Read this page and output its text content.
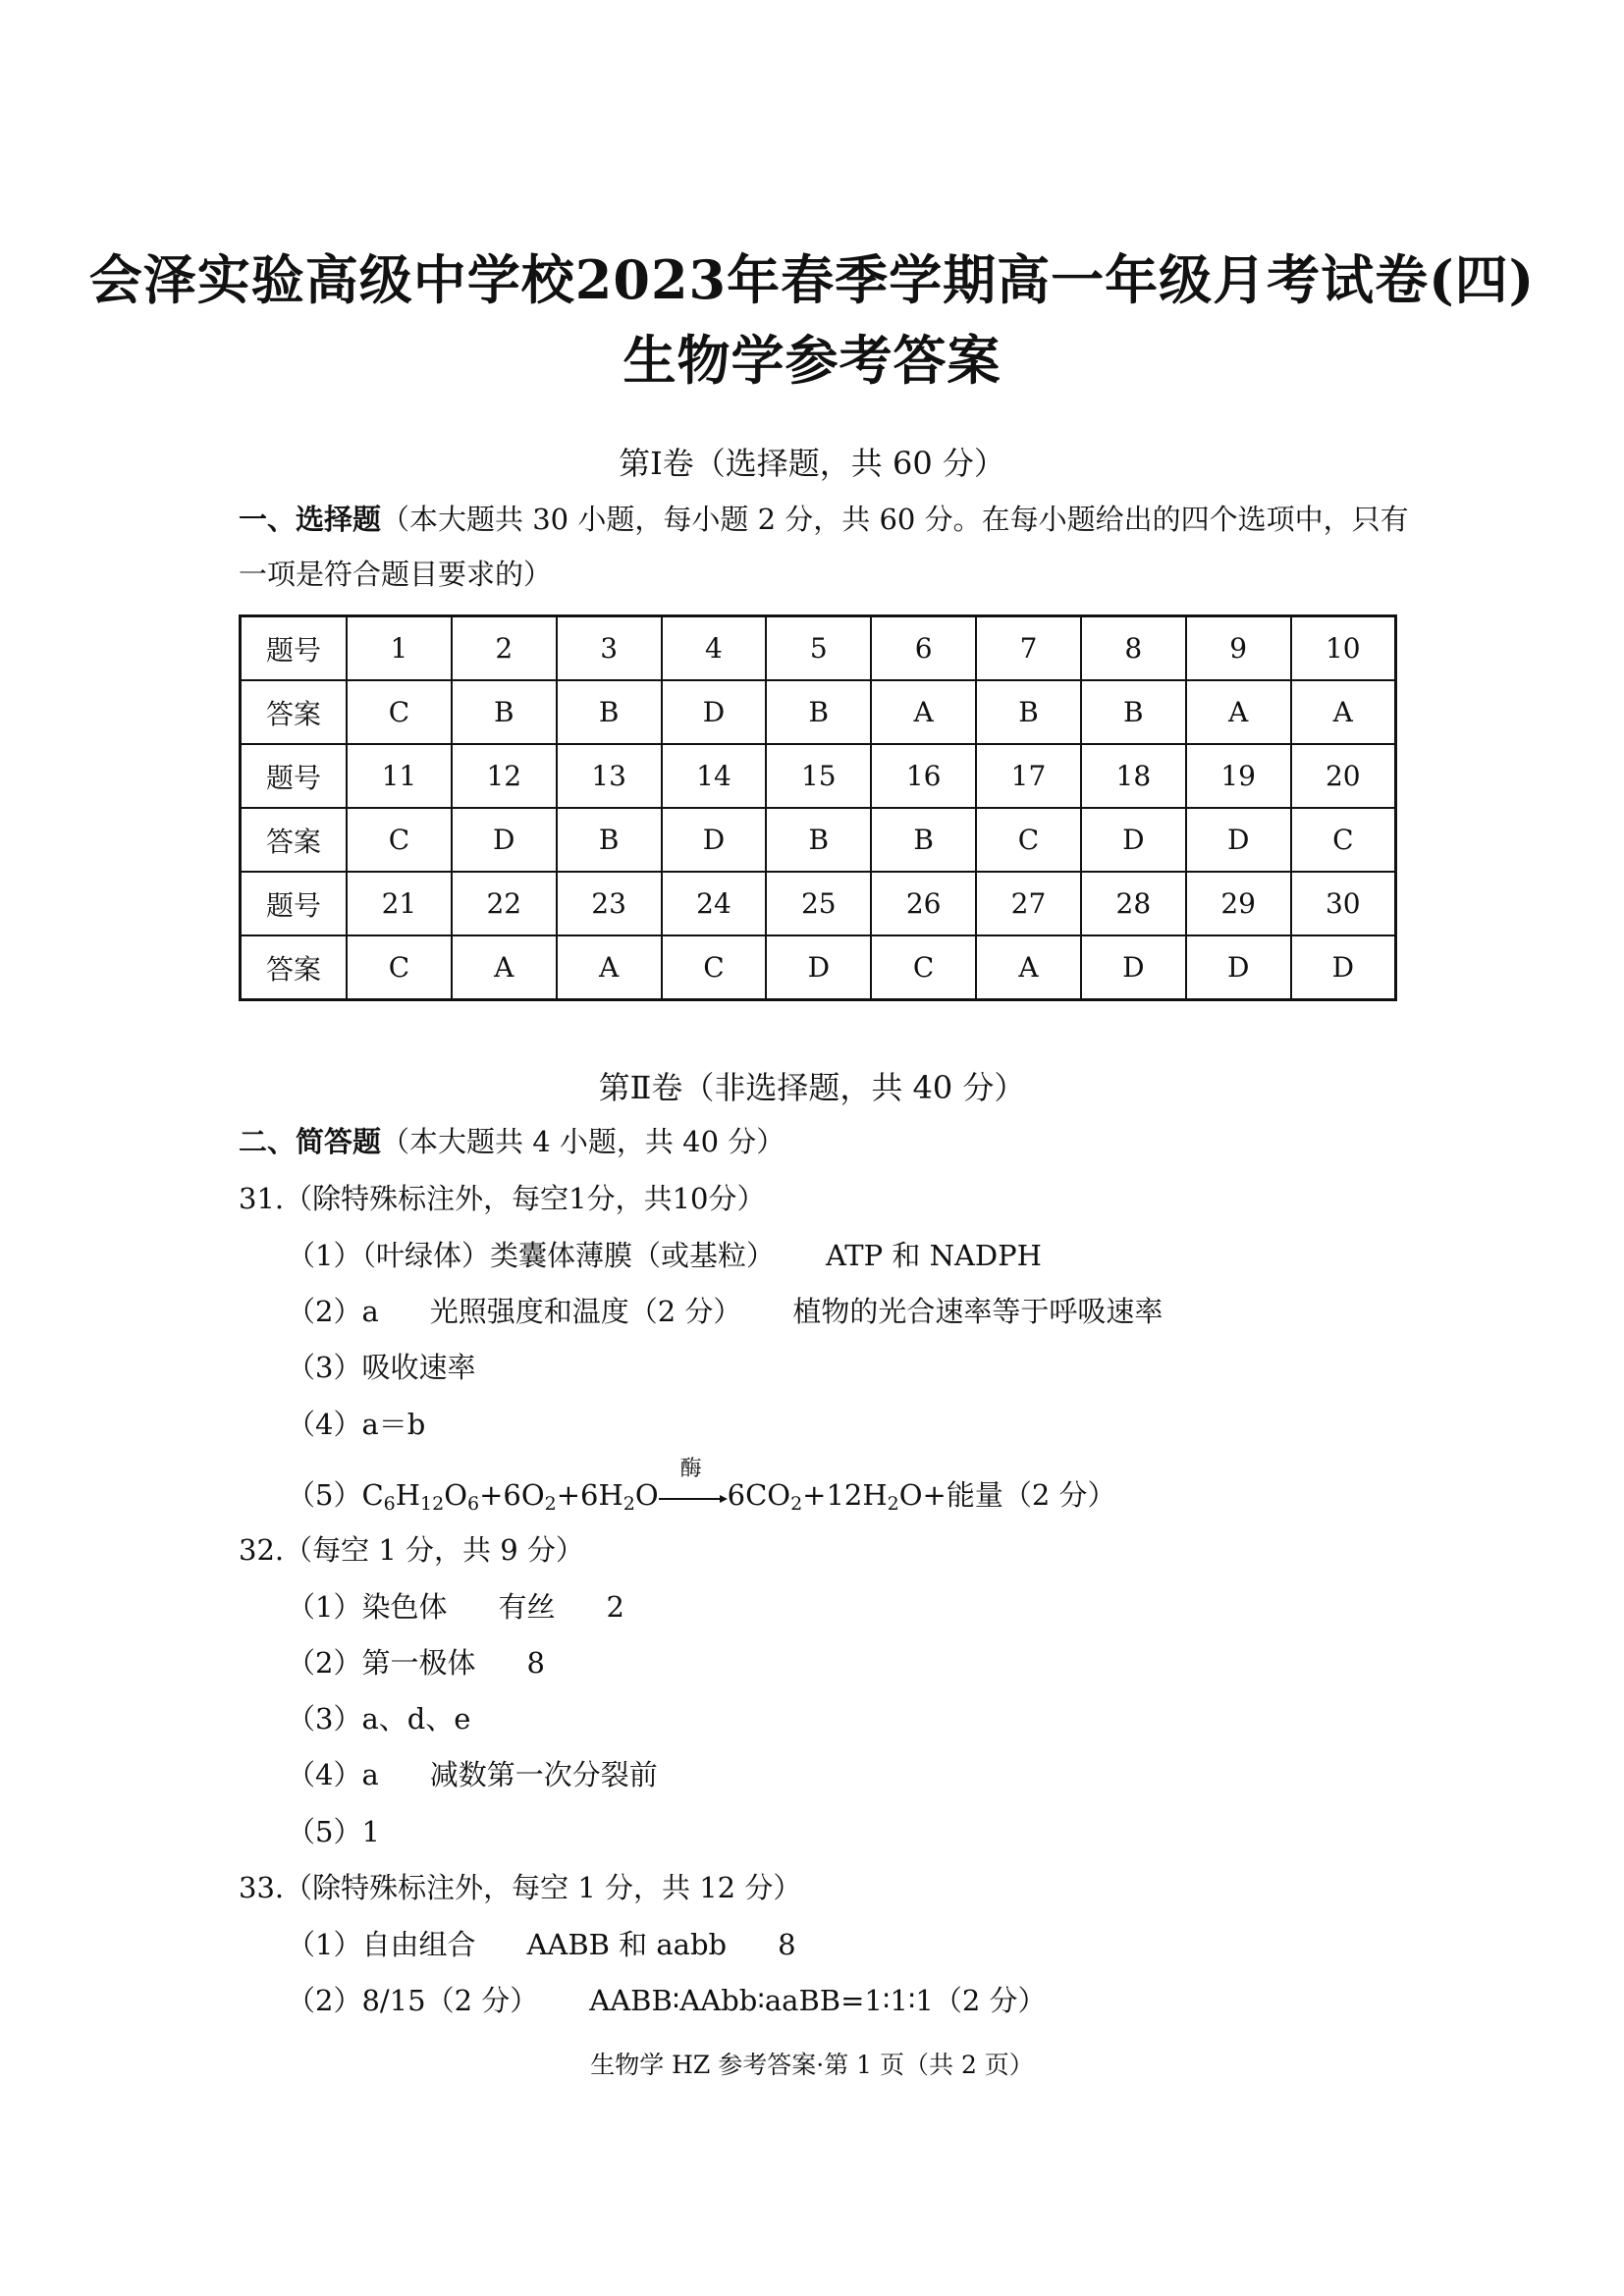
会泽实验高级中学校2023年春季学期高一年级月考试卷(四)
生物学参考答案
第Ⅰ卷（选择题，共 60 分）
一、选择题（本大题共 30 小题，每小题 2 分，共 60 分。在每小题给出的四个选项中，只有
一项是符合题目要求的）
题号	1	2	3	4	5	6	7	8	9	10
答案	C	B	B	D	B	A	B	B	A	A
题号	11	12	13	14	15	16	17	18	19	20
答案	C	D	B	D	B	B	C	D	D	C
题号	21	22	23	24	25	26	27	28	29	30
答案	C	A	A	C	D	C	A	D	D	D
第Ⅱ卷（非选择题，共 40 分）
二、简答题（本大题共 4 小题，共 40 分）
31.（除特殊标注外，每空1分，共10分）
（1）（叶绿体）类囊体薄膜（或基粒） ATP 和 NADPH
（2）a 光照强度和温度（2 分） 植物的光合速率等于呼吸速率
（3）吸收速率
（4）a＝b
$(5)C_6H_{12}O_6+6O_2+6H_2O$
酶
$6CO_2+12H_2O+$能量（2 分）
32.（每空 1 分，共 9 分）
（1）染色体 有丝 2
（2）第一极体 8
（3）a、d、e
（4）a 减数第一次分裂前
（5）1
33.（除特殊标注外，每空 1 分，共 12 分）
（1）自由组合 AABB 和 aabb 8
（2）8/15（2 分） AABB∶AAbb∶aaBB=1∶1∶1（2 分）
生物学 HZ 参考答案·第 1 页（共 2 页）
